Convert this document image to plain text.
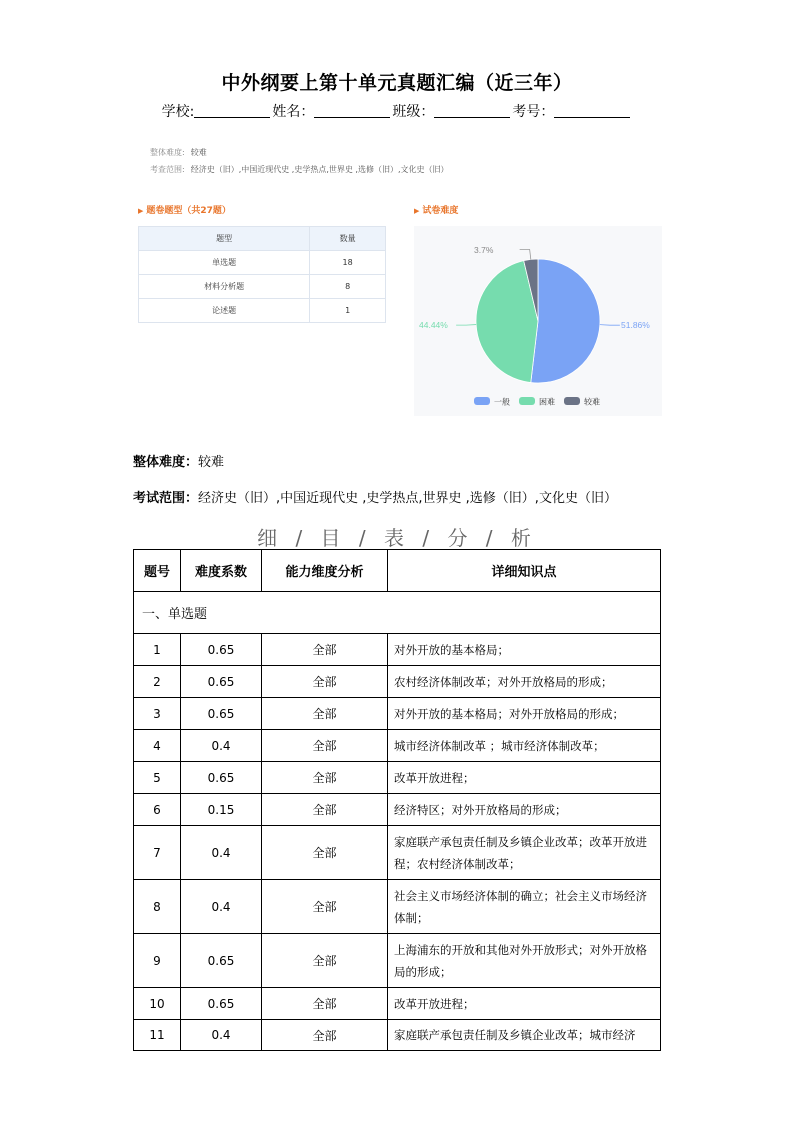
中外纲要上第十单元真题汇编（近三年）
学校:	姓名：	班级：	考号：
整体难度: 较难
考查范围: 经济史（旧）,中国近现代史 ,史学热点,世界史 ,选修（旧）,文化史（旧）
▶ 题卷题型（共27题）
题型	数量
单选题	18
材料分析题	8
论述题	1
▶ 试卷难度
51.86%
44.44%
3.7%
一般	困难	较难
整体难度：较难
考试范围：经济史（旧）,中国近现代史 ,史学热点,世界史 ,选修（旧）,文化史（旧）
细 / 目 / 表 / 分 / 析
题号	难度系数	能力维度分析	详细知识点
一、单选题			
1	0.65	全部	对外开放的基本格局；
2	0.65	全部	农村经济体制改革；对外开放格局的形成；
3	0.65	全部	对外开放的基本格局；对外开放格局的形成；
4	0.4	全部	城市经济体制改革 ；城市经济体制改革；
5	0.65	全部	改革开放进程；
6	0.15	全部	经济特区；对外开放格局的形成；
7	0.4	全部	家庭联产承包责任制及乡镇企业改革；改革开放进程；农村经济体制改革；
8	0.4	全部	社会主义市场经济体制的确立；社会主义市场经济体制；
9	0.65	全部	上海浦东的开放和其他对外开放形式；对外开放格局的形成；
10	0.65	全部	改革开放进程；
11	0.4	全部	家庭联产承包责任制及乡镇企业改革；城市经济
